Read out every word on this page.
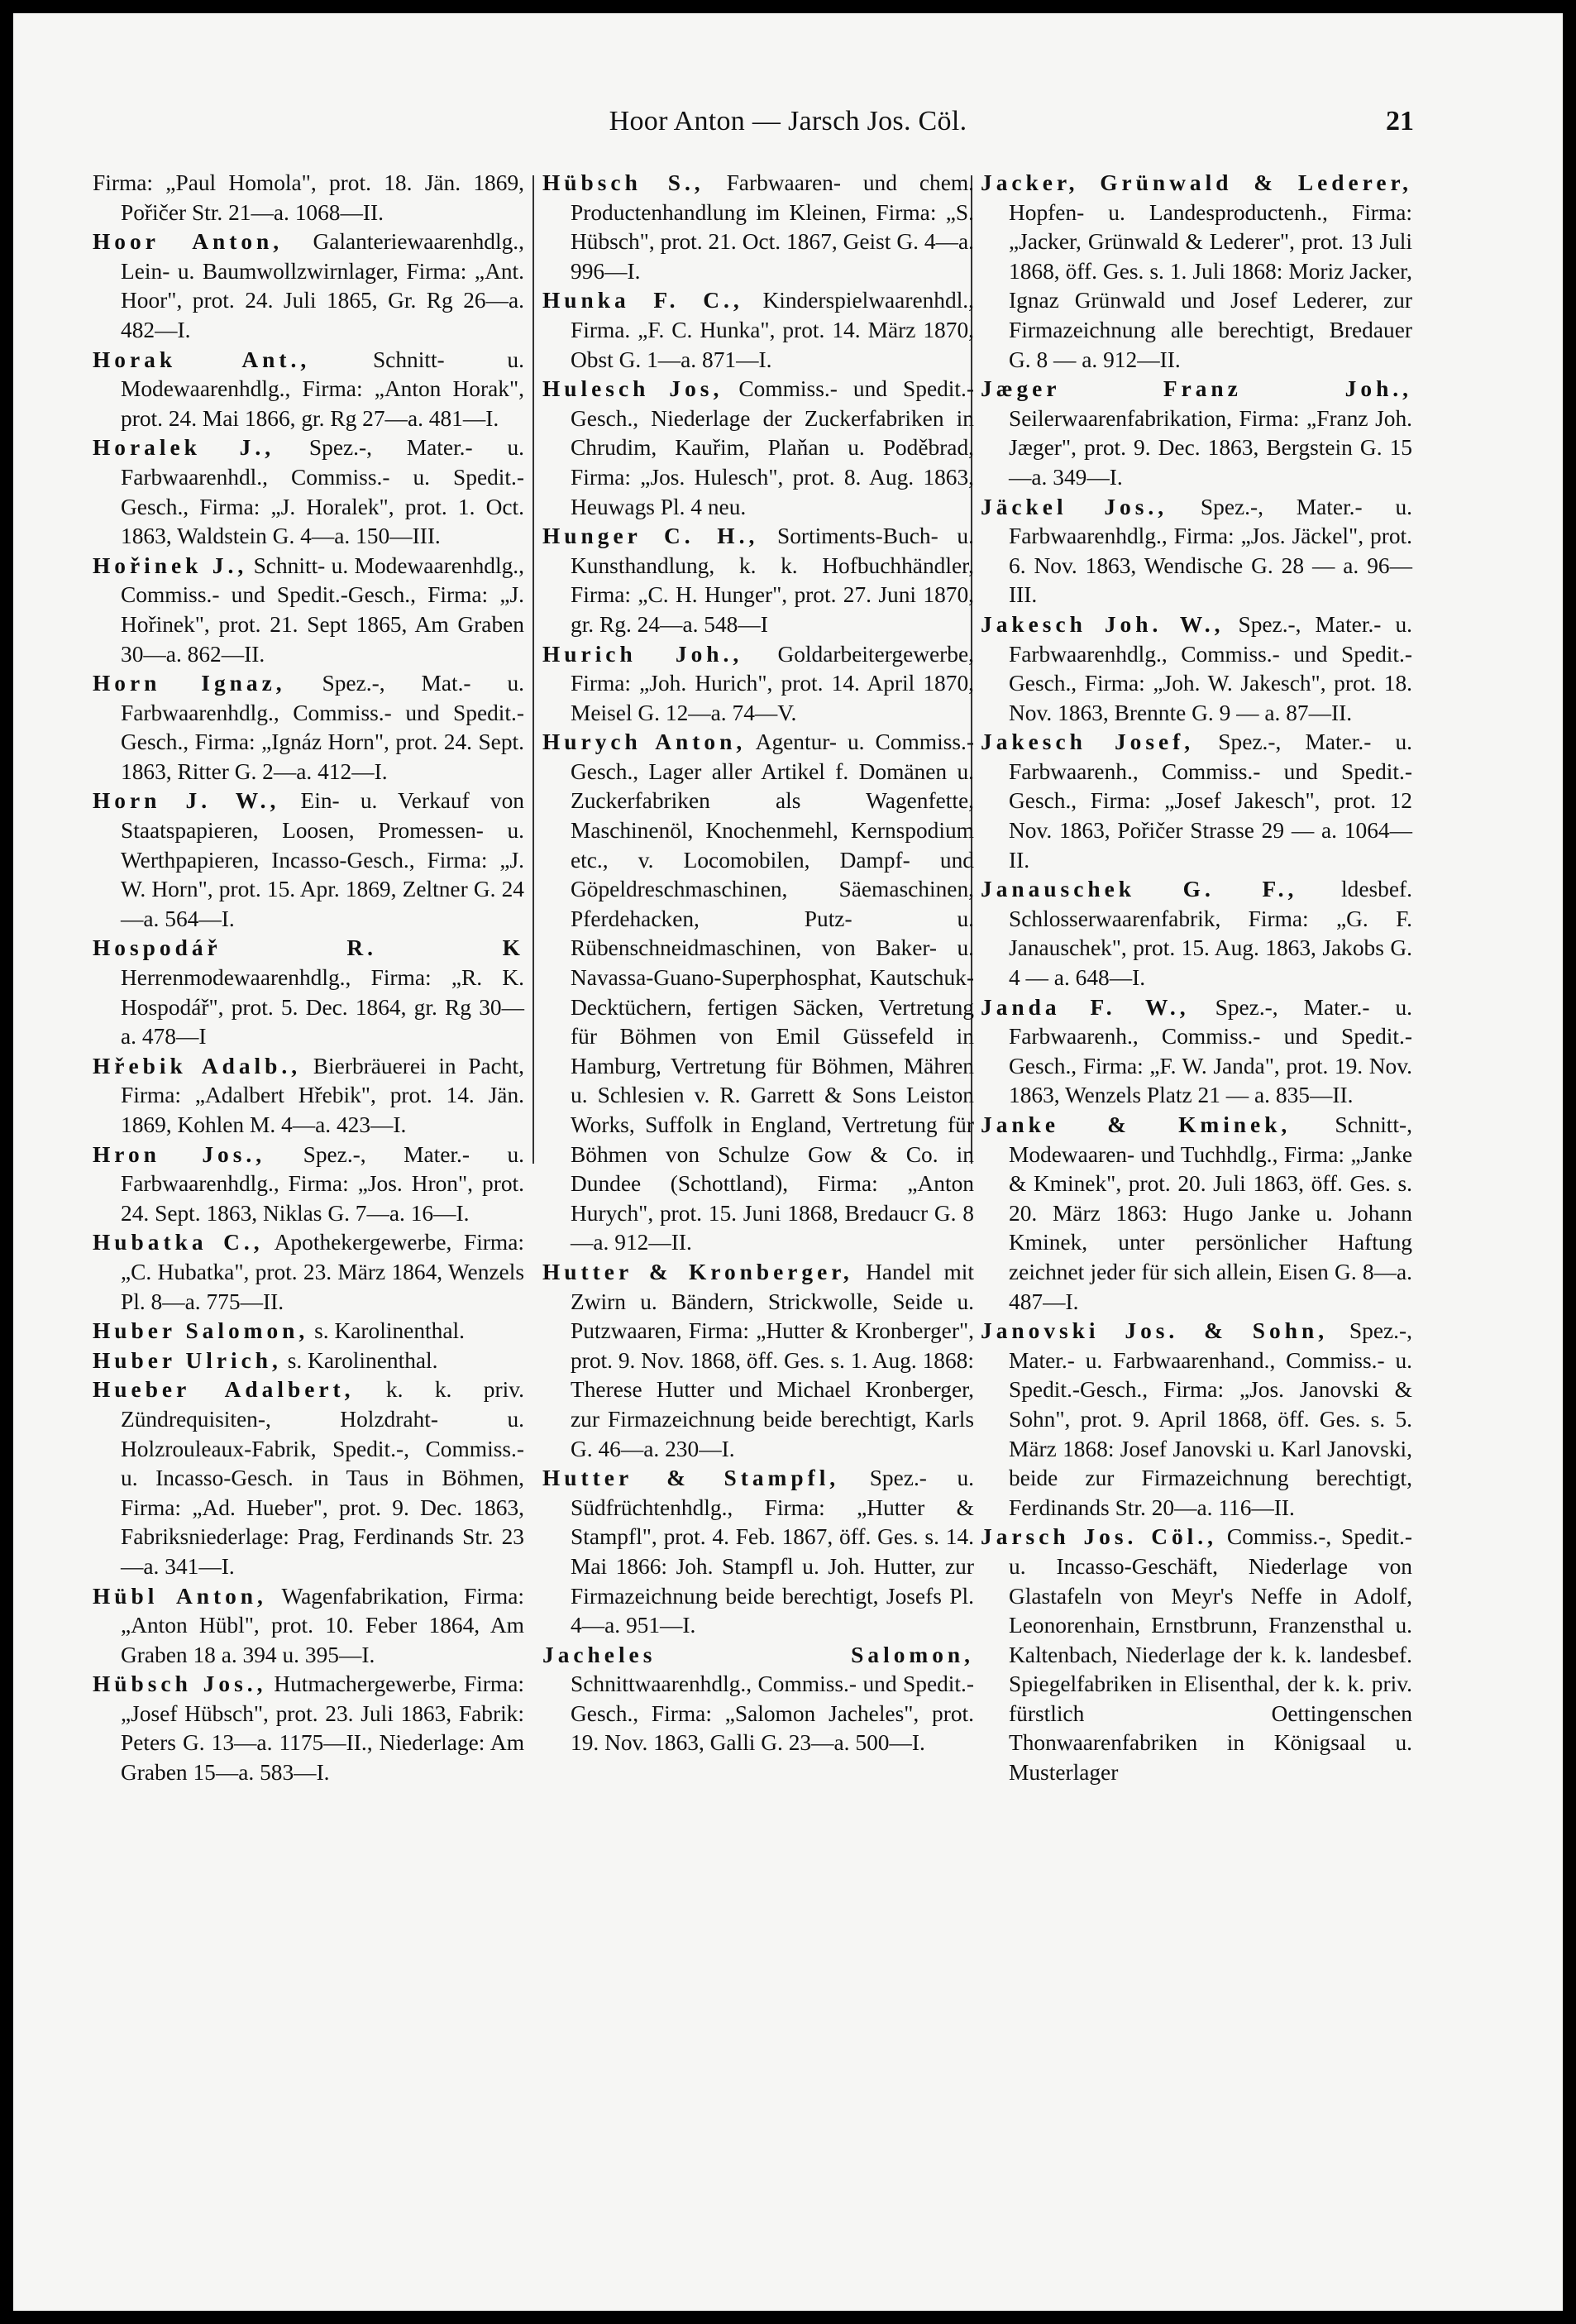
Hoor Anton — Jarsch Jos. Cöl.	21

Firma: „Paul Homola", prot. 18. Jän. 1869, Pořičer Str. 21—a. 1068—II.

Hoor Anton, Galanteriewaarenhdlg., Lein- u. Baumwollzwirnlager, Firma: „Ant. Hoor", prot. 24. Juli 1865, Gr. Rg 26—a. 482—I.

Horak Ant.,	Schnitt- u. Modewaarenhdlg., Firma: „Anton Horak", prot. 24. Mai 1866, gr. Rg 27—a. 481—I.

Horalek J., Spez.-, Mater.- u. Farbwaarenhdl., Commiss.- u. Spedit.-Gesch., Firma: „J. Horalek", prot. 1. Oct. 1863, Waldstein G. 4—a. 150—III.

Hořinek J., Schnitt- u. Modewaarenhdlg., Commiss.- und Spedit.-Gesch., Firma: „J. Hořinek", prot. 21. Sept 1865, Am Graben 30—a. 862—II.

Horn Ignaz, Spez.-, Mat.- u. Farbwaarenhdlg., Commiss.- und Spedit.-Gesch., Firma: „Ignáz Horn", prot. 24. Sept. 1863, Ritter G. 2—a. 412—I.

Horn J. W., Ein- u. Verkauf von Staatspapieren, Loosen, Promessen- u. Werthpapieren, Incasso-Gesch., Firma: „J. W. Horn", prot. 15. Apr. 1869, Zeltner G. 24—a. 564—I.

Hospodář R. K Herrenmodewaarenhdlg., Firma: „R. K. Hospodář", prot. 5. Dec. 1864, gr. Rg 30—a. 478—I

Hřebik Adalb., Bierbräuerei in Pacht, Firma: „Adalbert Hřebik", prot. 14. Jän. 1869, Kohlen M. 4—a. 423—I.

Hron Jos., Spez.-, Mater.- u. Farbwaarenhdlg., Firma: „Jos. Hron", prot. 24. Sept. 1863, Niklas G. 7—a. 16—I.

Hubatka C., Apothekergewerbe, Firma: „C. Hubatka", prot. 23. März 1864, Wenzels Pl. 8—a. 775—II.

Huber Salomon, s. Karolinenthal.

Huber Ulrich, s. Karolinenthal.

Hueber Adalbert, k. k. priv. Zündrequisiten-, Holzdraht- u. Holzrouleaux-Fabrik, Spedit.-, Commiss.- u. Incasso-Gesch. in Taus in Böhmen, Firma: „Ad. Hueber", prot. 9. Dec. 1863, Fabriksniederlage: Prag, Ferdinands Str. 23—a. 341—I.

Hübl Anton, Wagenfabrikation, Firma: „Anton Hübl", prot. 10. Feber 1864, Am Graben 18 a. 394 u. 395—I.

Hübsch Jos., Hutmachergewerbe, Firma: „Josef Hübsch", prot. 23. Juli 1863, Fabrik: Peters G. 13—a. 1175—II., Niederlage: Am Graben 15—a. 583—I.

Hübsch S., Farbwaaren- und chem. Productenhandlung im Kleinen, Firma: „S. Hübsch", prot. 21. Oct. 1867, Geist G. 4—a. 996—I.

Hunka F. C., Kinderspielwaarenhdl., Firma. „F. C. Hunka", prot. 14. März 1870, Obst G. 1—a. 871—I.

Hulesch Jos, Commiss.- und Spedit.-Gesch., Niederlage der Zuckerfabriken in Chrudim, Kauřim, Plaňan u. Poděbrad, Firma: „Jos. Hulesch", prot. 8. Aug. 1863, Heuwags Pl. 4 neu.

Hunger C. H., Sortiments-Buch- u. Kunsthandlung, k. k. Hofbuchhändler, Firma: „C. H. Hunger", prot. 27. Juni 1870, gr. Rg. 24—a. 548—I

Hurich Joh., Goldarbeitergewerbe, Firma: „Joh. Hurich", prot. 14. April 1870, Meisel G. 12—a. 74—V.

Hurych Anton, Agentur- u. Commiss.-Gesch., Lager aller Artikel f. Domänen u. Zuckerfabriken als Wagenfette, Maschinenöl, Knochenmehl, Kernspodium etc., v. Locomobilen, Dampf- und Göpeldreschmaschinen, Säemaschinen, Pferdehacken, Putz- u. Rübenschneidmaschinen, von Baker- u. Navassa-Guano-Superphosphat, Kautschuk-Decktüchern, fertigen Säcken, Vertretung für Böhmen von Emil Güssefeld in Hamburg, Vertretung für Böhmen, Mähren u. Schlesien v. R. Garrett & Sons Leiston Works, Suffolk in England, Vertretung für Böhmen von Schulze Gow & Co. in Dundee (Schottland), Firma: „Anton Hurych", prot. 15. Juni 1868, Bredaucr G. 8—a. 912—II.

Hutter & Kronberger, Handel mit Zwirn u. Bändern, Strickwolle, Seide u. Putzwaaren, Firma: „Hutter & Kronberger", prot. 9. Nov. 1868, öff. Ges. s. 1. Aug. 1868: Therese Hutter und Michael Kronberger, zur Firmazeichnung beide berechtigt, Karls G. 46—a. 230—I.

Hutter & Stampfl, Spez.- u. Südfrüchtenhdlg., Firma: „Hutter & Stampfl", prot. 4. Feb. 1867, öff. Ges. s. 14. Mai 1866: Joh. Stampfl u. Joh. Hutter, zur Firmazeichnung beide berechtigt, Josefs Pl. 4—a. 951—I.

Jacheles Salomon, Schnittwaarenhdlg., Commiss.- und Spedit.-Gesch., Firma: „Salomon Jacheles", prot. 19. Nov. 1863, Galli G. 23—a. 500—I.

Jacker, Grünwald & Lederer, Hopfen- u. Landesproductenh., Firma: „Jacker, Grünwald & Lederer", prot. 13 Juli 1868, öff. Ges. s. 1. Juli 1868: Moriz Jacker, Ignaz Grünwald und Josef Lederer, zur Firmazeichnung alle berechtigt, Bredauer G. 8 — a. 912—II.

Jæger Franz Joh., Seilerwaarenfabrikation, Firma: „Franz Joh. Jæger", prot. 9. Dec. 1863, Bergstein G. 15—a. 349—I.

Jäckel Jos., Spez.-, Mater.- u. Farbwaarenhdlg., Firma: „Jos. Jäckel", prot. 6. Nov. 1863, Wendische G. 28 — a. 96—III.

Jakesch Joh. W., Spez.-, Mater.- u. Farbwaarenhdlg., Commiss.- und Spedit.-Gesch., Firma: „Joh. W. Jakesch", prot. 18. Nov. 1863, Brennte G. 9 — a. 87—II.

Jakesch Josef, Spez.-, Mater.- u. Farbwaarenh., Commiss.- und Spedit.-Gesch., Firma: „Josef Jakesch", prot. 12 Nov. 1863, Pořičer Strasse 29 — a. 1064—II.

Janauschek G. F., ldesbef. Schlosserwaarenfabrik, Firma: „G. F. Janauschek", prot. 15. Aug. 1863, Jakobs G. 4 — a. 648—I.

Janda F. W., Spez.-, Mater.- u. Farbwaarenh., Commiss.- und Spedit.-Gesch., Firma: „F. W. Janda", prot. 19. Nov. 1863, Wenzels Platz 21 — a. 835—II.

Janke & Kminek, Schnitt-, Modewaaren- und Tuchhdlg., Firma: „Janke & Kminek", prot. 20. Juli 1863, öff. Ges. s. 20. März 1863: Hugo Janke u. Johann Kminek, unter persönlicher Haftung zeichnet jeder für sich allein, Eisen G. 8—a. 487—I.

Janovski Jos. & Sohn, Spez.-, Mater.- u. Farbwaarenhand., Commiss.- u. Spedit.-Gesch., Firma: „Jos. Janovski & Sohn", prot. 9. April 1868, öff. Ges. s. 5. März 1868: Josef Janovski u. Karl Janovski, beide zur Firmazeichnung berechtigt, Ferdinands Str. 20—a. 116—II.

Jarsch Jos. Cöl., Commiss.-, Spedit.- u. Incasso-Geschäft, Niederlage von Glastafeln von Meyr's Neffe in Adolf, Leonorenhain, Ernstbrunn, Franzensthal u. Kaltenbach, Niederlage der k. k. landesbef. Spiegelfabriken in Elisenthal, der k. k. priv. fürstlich Oettingenschen Thonwaarenfabriken in Königsaal u. Musterlager
